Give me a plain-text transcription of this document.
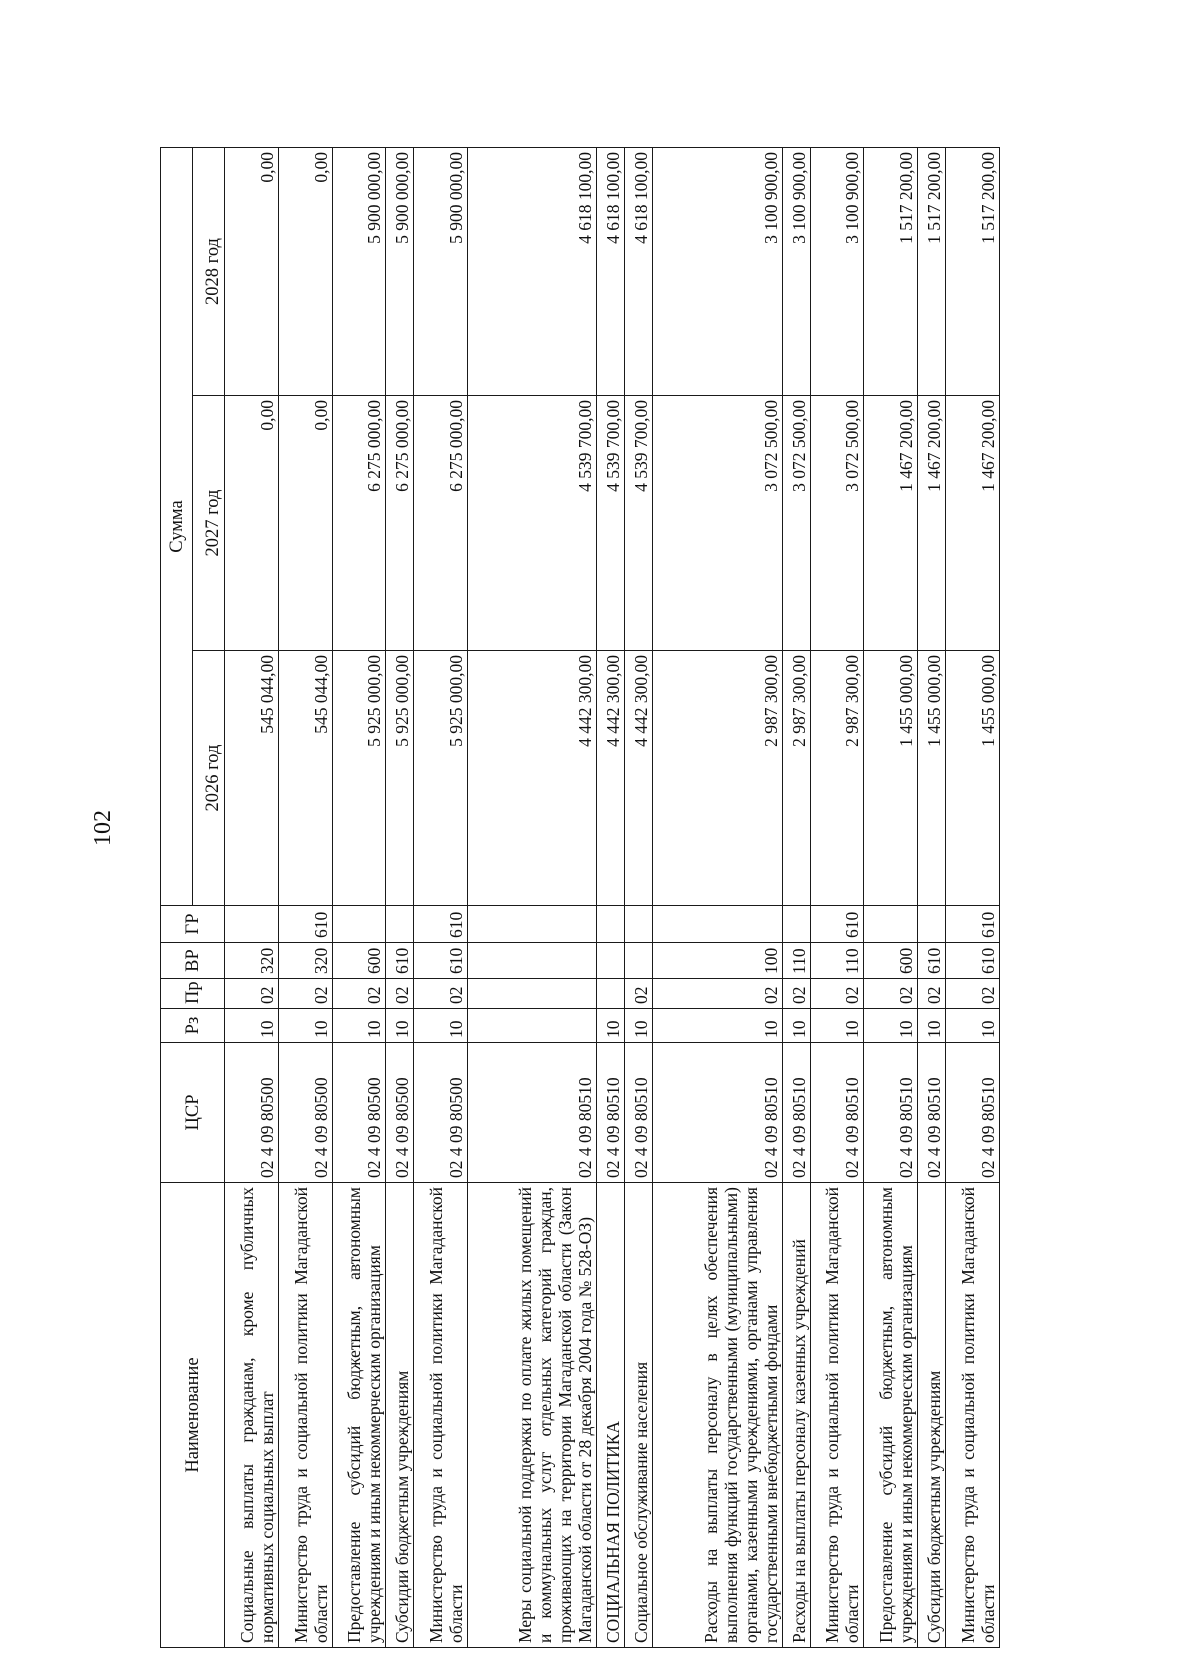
102
Наименование	ЦСР	Рз	Пр	ВР	ГР	Сумма		
						2026 год	2027 год	2028 год
Социальные выплаты гражданам, кроме публичных нормативных социальных выплат	02 4 09 80500	10	02	320		545 044,00	0,00	0,00
Министерство труда и социальной политики Магаданской области	02 4 09 80500	10	02	320	610	545 044,00	0,00	0,00
Предоставление субсидий бюджетным, автономным учреждениям и иным некоммерческим организациям	02 4 09 80500	10	02	600		5 925 000,00	6 275 000,00	5 900 000,00
Субсидии бюджетным учреждениям	02 4 09 80500	10	02	610		5 925 000,00	6 275 000,00	5 900 000,00
Министерство труда и социальной политики Магаданской области	02 4 09 80500	10	02	610	610	5 925 000,00	6 275 000,00	5 900 000,00
Меры социальной поддержки по оплате жилых помещений и коммунальных услуг отдельных категорий граждан, проживающих на территории Магаданской области (Закон Магаданской области от 28 декабря 2004 года № 528-ОЗ)	02 4 09 80510					4 442 300,00	4 539 700,00	4 618 100,00
СОЦИАЛЬНАЯ ПОЛИТИКА	02 4 09 80510	10				4 442 300,00	4 539 700,00	4 618 100,00
Социальное обслуживание населения	02 4 09 80510	10	02			4 442 300,00	4 539 700,00	4 618 100,00
Расходы на выплаты персоналу в целях обеспечения выполнения функций государственными (муниципальными) органами, казенными учреждениями, органами управления государственными внебюджетными фондами	02 4 09 80510	10	02	100		2 987 300,00	3 072 500,00	3 100 900,00
Расходы на выплаты персоналу казенных учреждений	02 4 09 80510	10	02	110		2 987 300,00	3 072 500,00	3 100 900,00
Министерство труда и социальной политики Магаданской области	02 4 09 80510	10	02	110	610	2 987 300,00	3 072 500,00	3 100 900,00
Предоставление субсидий бюджетным, автономным учреждениям и иным некоммерческим организациям	02 4 09 80510	10	02	600		1 455 000,00	1 467 200,00	1 517 200,00
Субсидии бюджетным учреждениям	02 4 09 80510	10	02	610		1 455 000,00	1 467 200,00	1 517 200,00
Министерство труда и социальной политики Магаданской области	02 4 09 80510	10	02	610	610	1 455 000,00	1 467 200,00	1 517 200,00
